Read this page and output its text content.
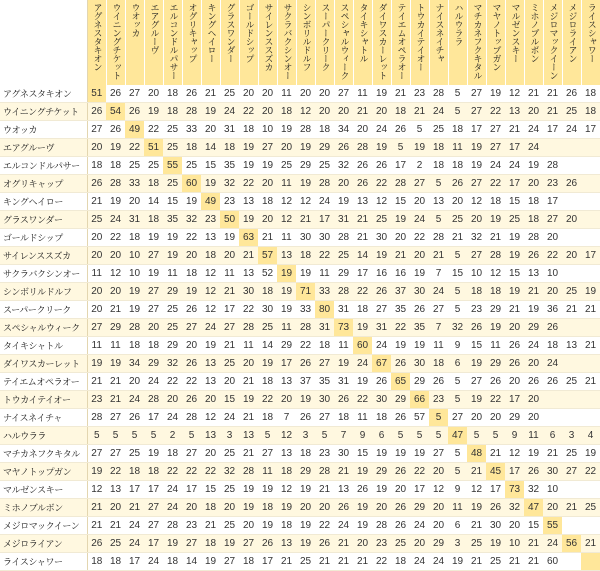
	アグネスタキオン	ウイニングチケット	ウオッカ	エアグルーヴ	エルコンドルパサー	オグリキャップ	キングヘイロー	グラスワンダー	ゴールドシップ	サイレンススズカ	サクラバクシンオー	シンボリルドルフ	スーパークリーク	スペシャルウィーク	タイキシャトル	ダイワスカーレット	テイエムオペラオー	トウカイテイオー	ナイスネイチャ	ハルウララ	マチカネフクキタル	マヤノトップガン	マルゼンスキー	ミホノブルボン	メジロマックイーン	メジロライアン	ライスシャワー

アグネスタキオン	51	26	27	20	18	26	21	25	20	20	11	20	20	27	11	19	21	23	28	5	27	19	12	21	21	26	18
ウイニングチケット	26	54	26	19	18	28	19	24	22	20	18	12	20	20	21	20	18	21	24	5	27	22	13	20	21	25	18
ウオッカ	27	26	49	22	25	33	20	31	18	10	19	28	18	34	20	24	26	5	25	18	17	27	21	24	17	24	17
エアグルーヴ	20	19	22	51	25	18	14	18	19	27	20	19	29	26	28	19	5	19	18	11	19	27	17	24			
エルコンドルパサー	18	18	25	25	55	25	15	35	19	19	25	29	25	32	26	26	17	2	18	18	19	24	24	19	28		
オグリキャップ	26	28	33	18	25	60	19	32	22	20	11	19	28	20	26	22	28	27	5	26	27	22	17	20	23	26	
キングヘイロー	21	19	20	14	15	19	49	23	13	18	12	12	24	19	13	12	15	20	13	20	12	18	15	18	17		
グラスワンダー	25	24	31	18	35	32	23	50	19	20	12	21	17	31	21	25	19	24	5	25	20	19	25	18	27	20	
ゴールドシップ	20	22	18	19	19	22	13	19	63	21	11	30	30	28	21	30	20	22	28	21	32	21	19	28	20		
サイレンススズカ	20	20	10	27	19	20	18	20	21	57	13	18	22	25	14	19	21	20	21	5	27	28	19	26	22	20	17
サクラバクシンオー	11	12	10	19	11	18	12	11	13	52	19	19	11	29	17	16	16	19	7	15	10	12	15	13	10		
シンボリルドルフ	20	20	19	27	29	19	12	21	30	18	19	71	33	28	22	26	37	30	24	5	18	18	19	21	20	25	19
スーパークリーク	20	21	19	27	25	26	12	17	22	30	19	33	80	31	18	27	35	26	27	5	23	29	21	19	36	21	21
スペシャルウィーク	27	29	28	20	25	27	24	27	28	25	11	28	31	73	19	31	22	35	7	32	26	19	20	29	26		
タイキシャトル	11	11	18	18	29	20	19	21	11	14	29	22	18	11	60	24	19	19	11	9	15	11	26	24	18	13	21
ダイワスカーレット	19	19	34	29	32	26	13	25	20	19	17	26	27	19	24	67	26	30	18	6	19	29	26	20	24		
テイエムオペラオー	21	21	20	24	22	22	13	20	21	18	13	37	35	31	19	26	65	29	26	5	27	26	20	26	26	25	21
トウカイテイオー	23	21	24	28	20	26	20	15	19	22	20	19	30	26	22	30	29	66	23	5	19	22	17	20			
ナイスネイチャ	28	27	26	17	24	28	12	24	21	18	7	26	27	18	11	18	26	57	5	27	20	20	29	20			
ハルウララ	5	5	5	5	2	5	13	3	13	5	12	3	5	7	9	6	5	5	5	47	5	5	9	11	6	3	4
マチカネフクキタル	27	27	25	19	18	27	20	25	21	27	13	18	23	30	15	19	19	19	27	5	48	21	12	19	21	25	19
マヤノトップガン	19	22	18	18	22	22	22	32	28	11	18	29	28	21	19	29	26	22	20	5	21	45	17	26	30	27	22
マルゼンスキー	12	13	17	17	24	17	15	25	19	19	12	19	21	13	26	19	20	17	12	9	12	17	73	32	10		
ミホノブルボン	21	20	21	27	24	20	18	20	19	18	19	20	20	26	19	20	26	29	20	11	19	26	32	47	20	21	25
メジロマックイーン	21	21	24	27	28	23	21	25	20	19	18	19	22	24	19	28	26	24	20	6	21	30	20	15	55		
メジロライアン	26	25	24	17	19	27	18	19	27	26	13	19	26	21	20	23	25	20	29	3	25	19	10	21	24	56	21
ライスシャワー	18	18	17	24	18	14	19	27	18	17	21	25	21	21	21	22	18	24	24	19	21	25	21	21	60		
